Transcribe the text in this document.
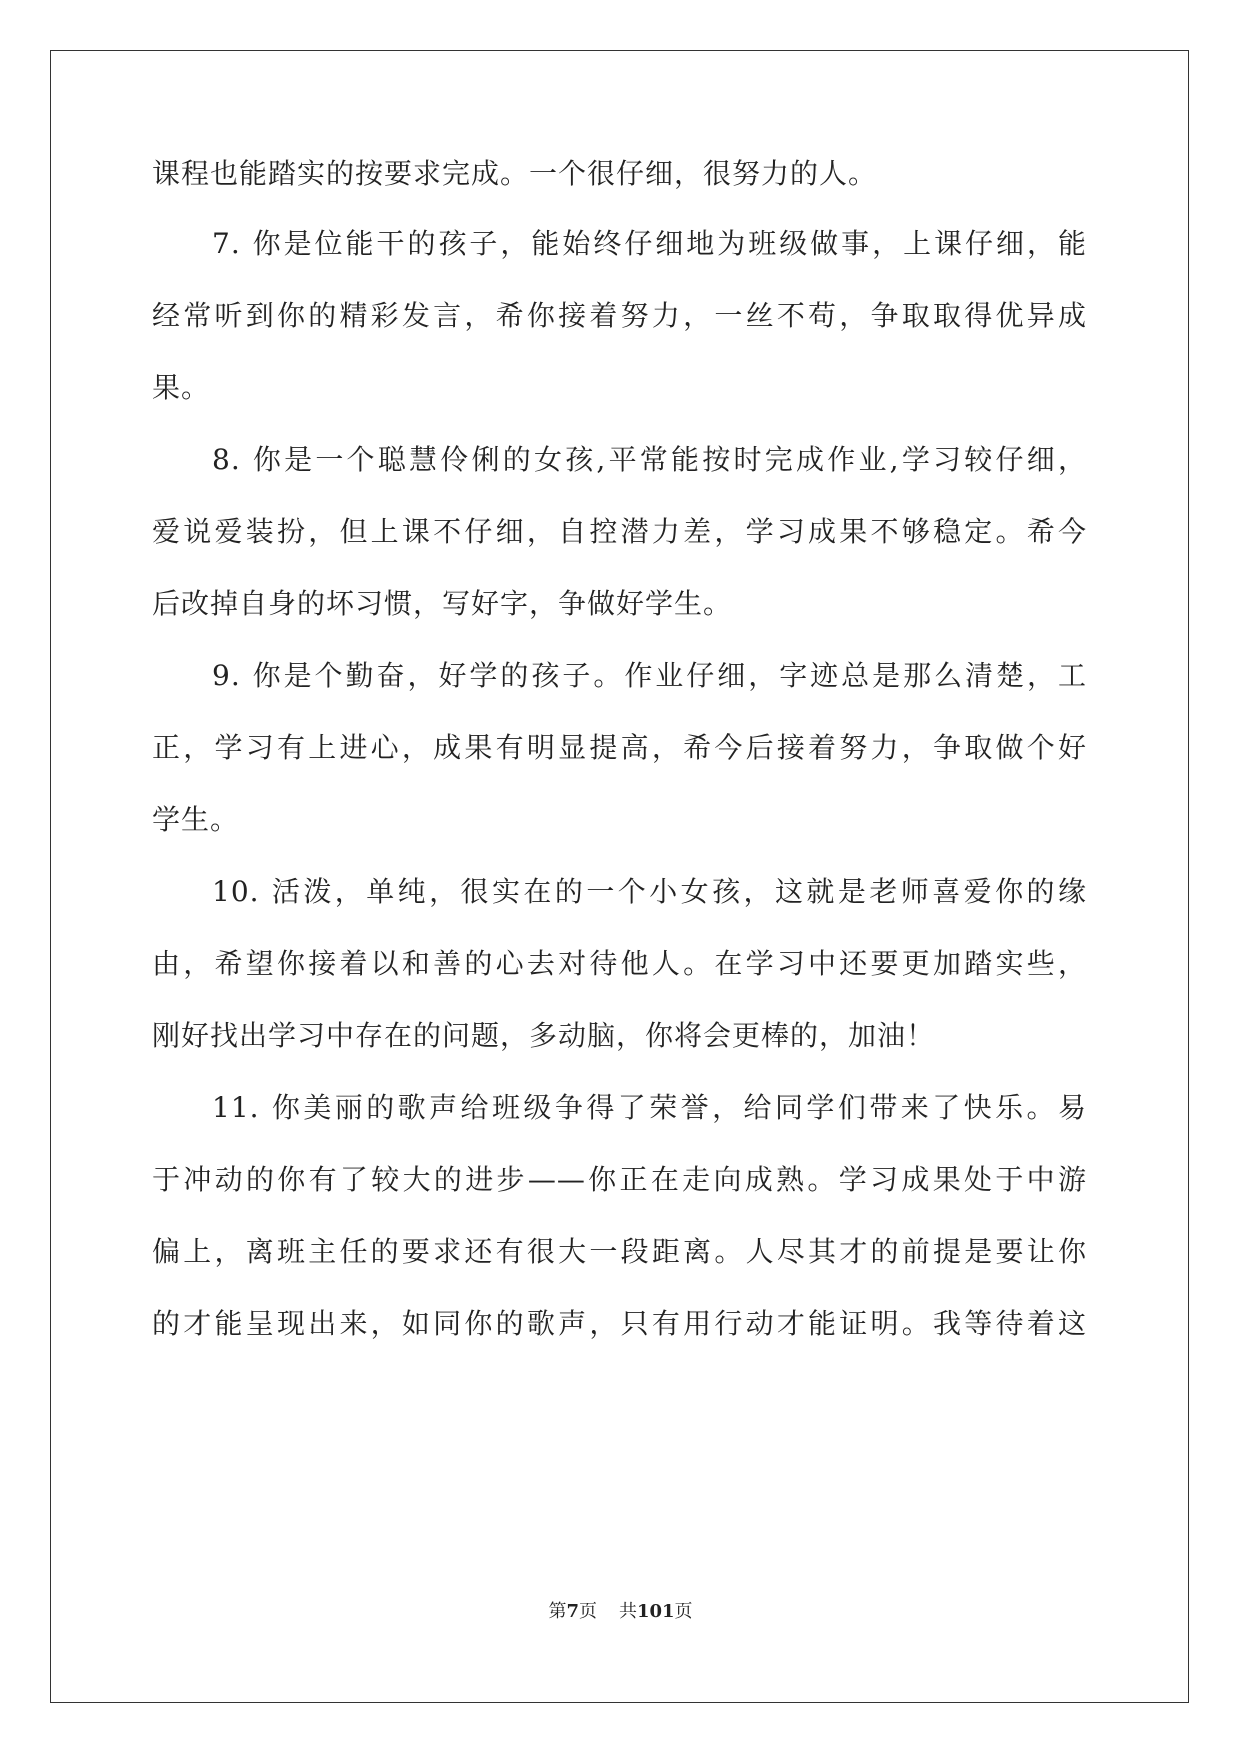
课程也能踏实的按要求完成。一个很仔细，很努力的人。
7. 你是位能干的孩子，能始终仔细地为班级做事，上课仔细，能
经常听到你的精彩发言，希你接着努力，一丝不苟，争取取得优异成
果。
8. 你是一个聪慧伶俐的女孩,平常能按时完成作业,学习较仔细，
爱说爱装扮，但上课不仔细，自控潜力差，学习成果不够稳定。希今
后改掉自身的坏习惯，写好字，争做好学生。
9. 你是个勤奋，好学的孩子。作业仔细，字迹总是那么清楚，工
正，学习有上进心，成果有明显提高，希今后接着努力，争取做个好
学生。
10. 活泼，单纯，很实在的一个小女孩，这就是老师喜爱你的缘
由，希望你接着以和善的心去对待他人。在学习中还要更加踏实些，
刚好找出学习中存在的问题，多动脑，你将会更棒的，加油！
11. 你美丽的歌声给班级争得了荣誉，给同学们带来了快乐。易
于冲动的你有了较大的进步——你正在走向成熟。学习成果处于中游
偏上，离班主任的要求还有很大一段距离。人尽其才的前提是要让你
的才能呈现出来，如同你的歌声，只有用行动才能证明。我等待着这
第7页 共101页
